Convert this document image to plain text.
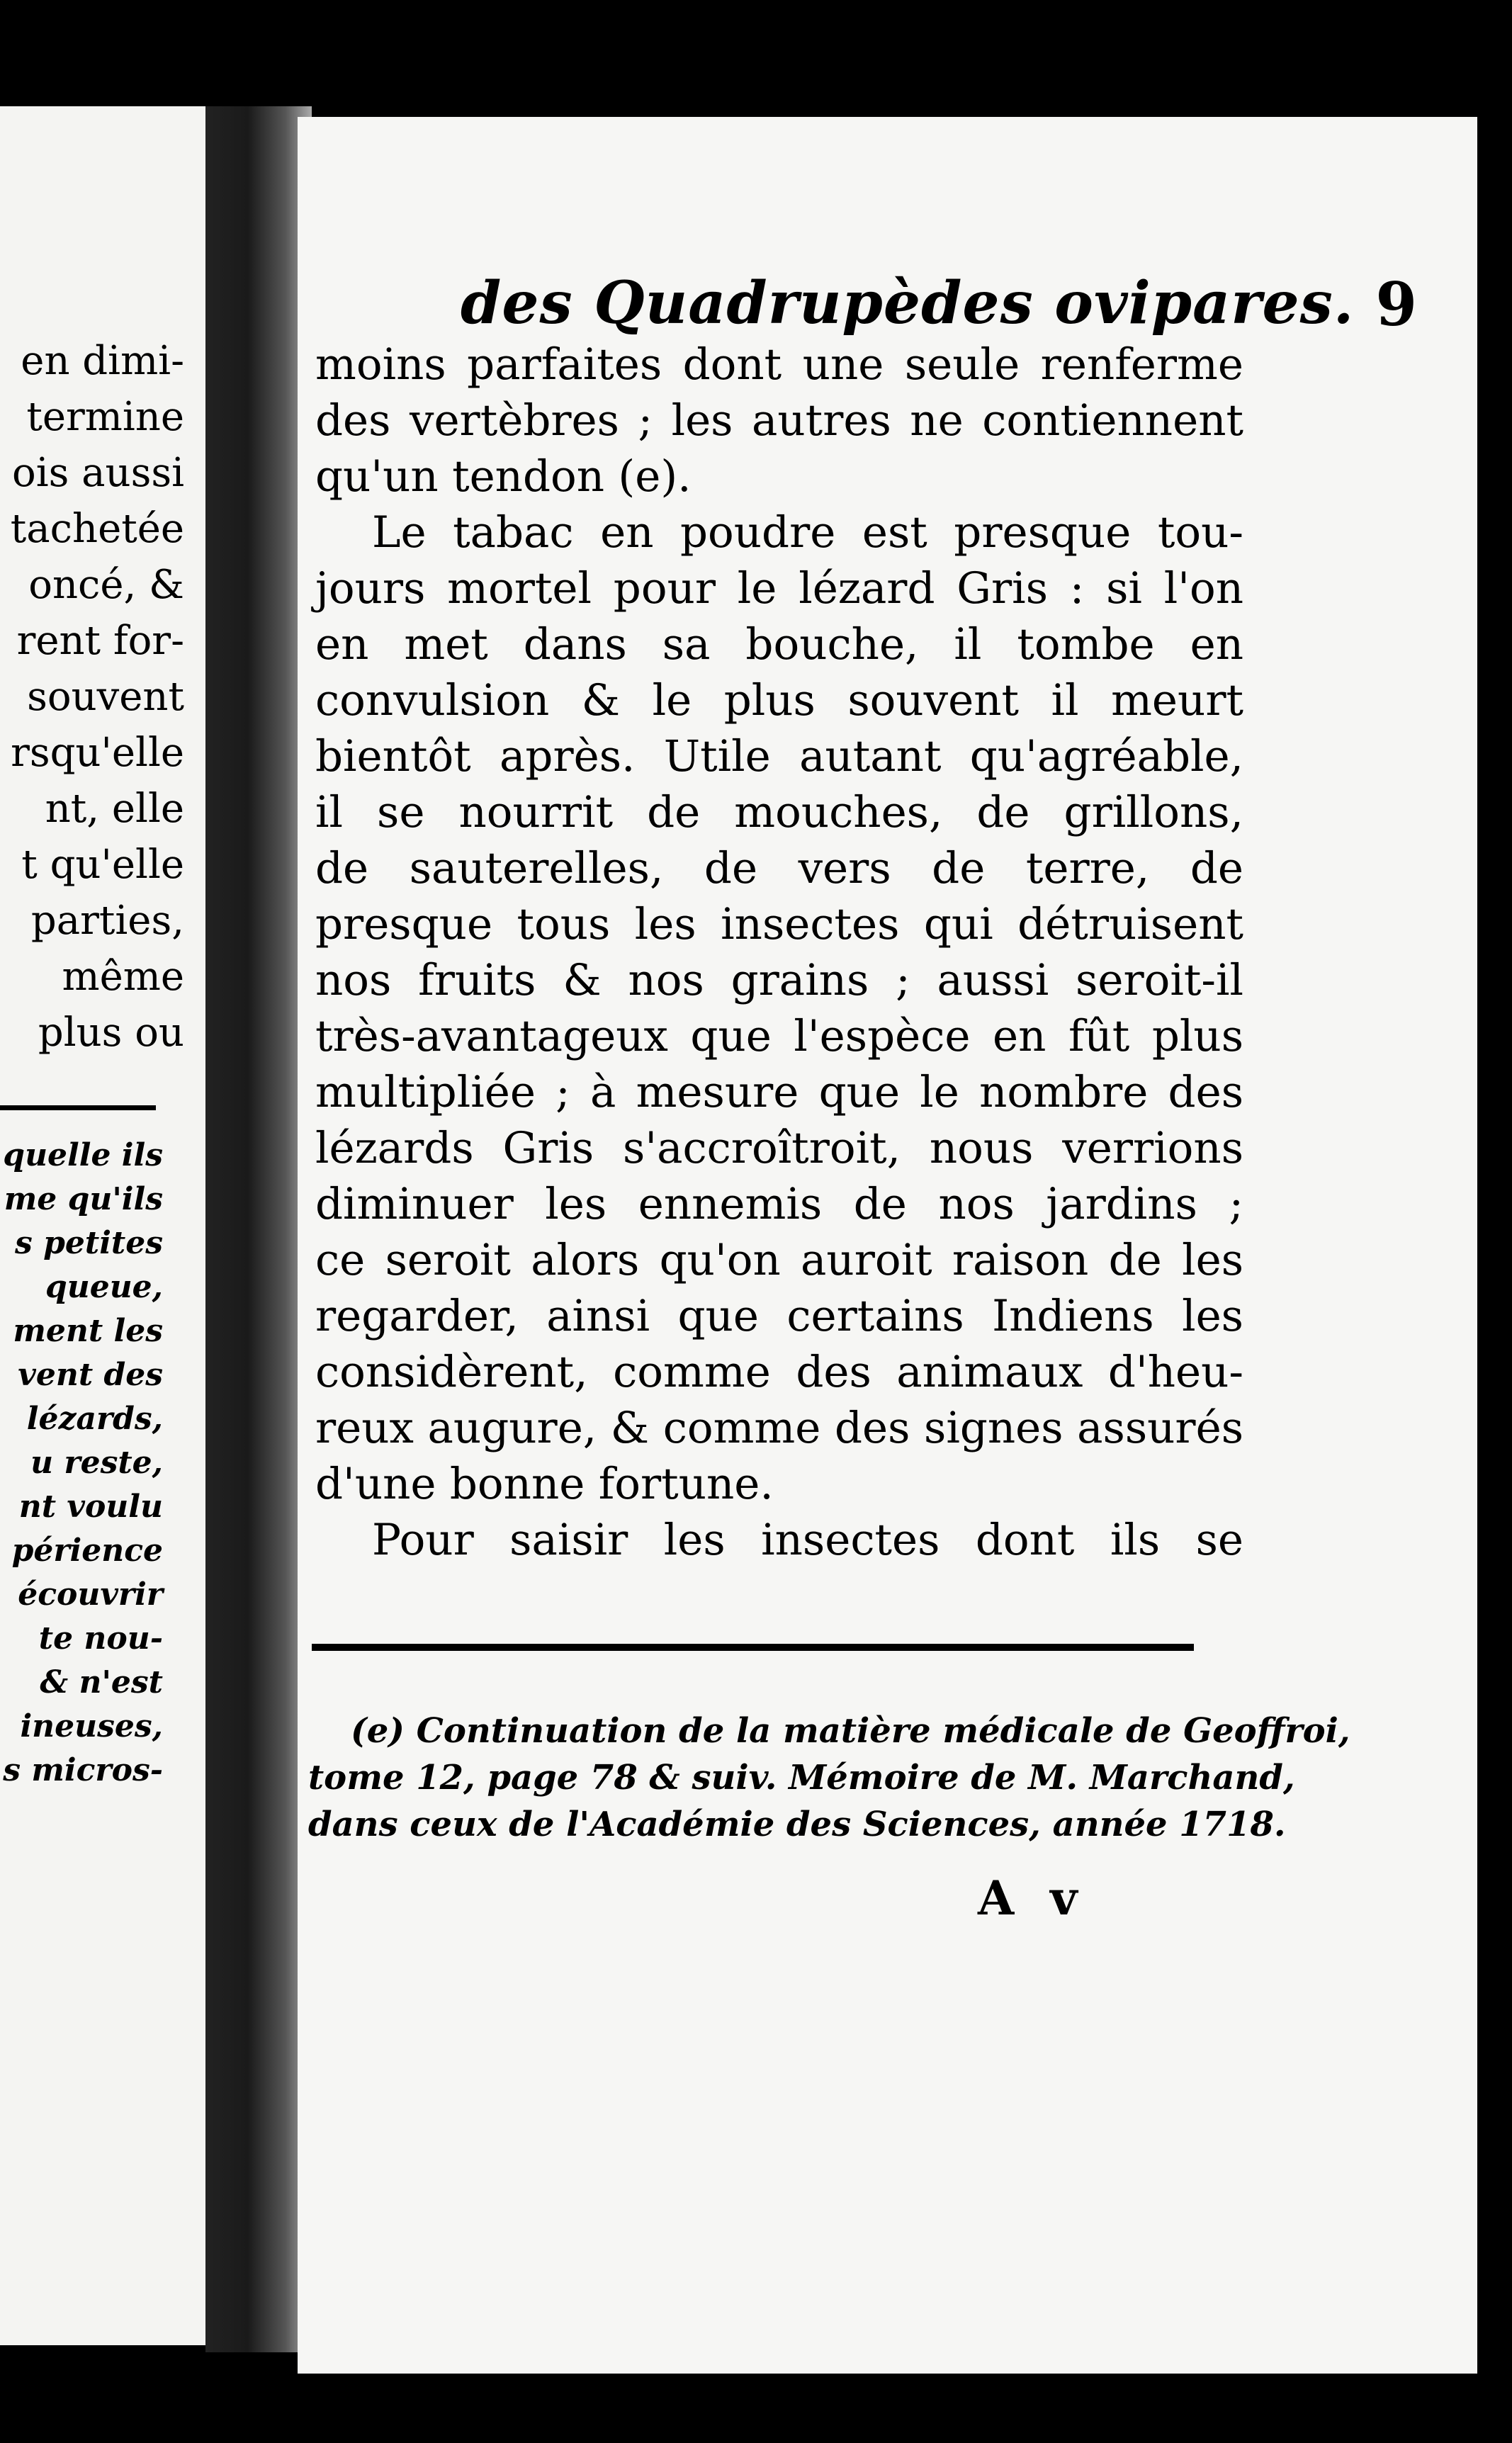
en dimi-
termine
ois aussi
tachetée
oncé, &
rent for-
souvent
rsqu'elle
nt, elle
t qu'elle
parties,
même
plus ou
quelle ils
me qu'ils
s petites
queue,
ment les
vent des
lézards,
u reste,
nt voulu
périence
écouvrir
te nou-
& n'est
ineuses,
s micros-
des Quadrupèdes ovipares. 9
moins parfaites dont une seule renferme
des vertèbres ; les autres ne contiennent
qu'un tendon (e).
Le tabac en poudre est presque tou-
jours mortel pour le lézard Gris : si l'on
en met dans sa bouche, il tombe en
convulsion & le plus souvent il meurt
bientôt après. Utile autant qu'agréable,
il se nourrit de mouches, de grillons,
de sauterelles, de vers de terre, de
presque tous les insectes qui détruisent
nos fruits & nos grains ; aussi seroit-il
très-avantageux que l'espèce en fût plus
multipliée ; à mesure que le nombre des
lézards Gris s'accroîtroit, nous verrions
diminuer les ennemis de nos jardins ;
ce seroit alors qu'on auroit raison de les
regarder, ainsi que certains Indiens les
considèrent, comme des animaux d'heu-
reux augure, & comme des signes assurés
d'une bonne fortune.
Pour saisir les insectes dont ils se
(e) Continuation de la matière médicale de Geoffroi,
tome 12, page 78 & suiv. Mémoire de M. Marchand,
dans ceux de l'Académie des Sciences, année 1718.
A v
